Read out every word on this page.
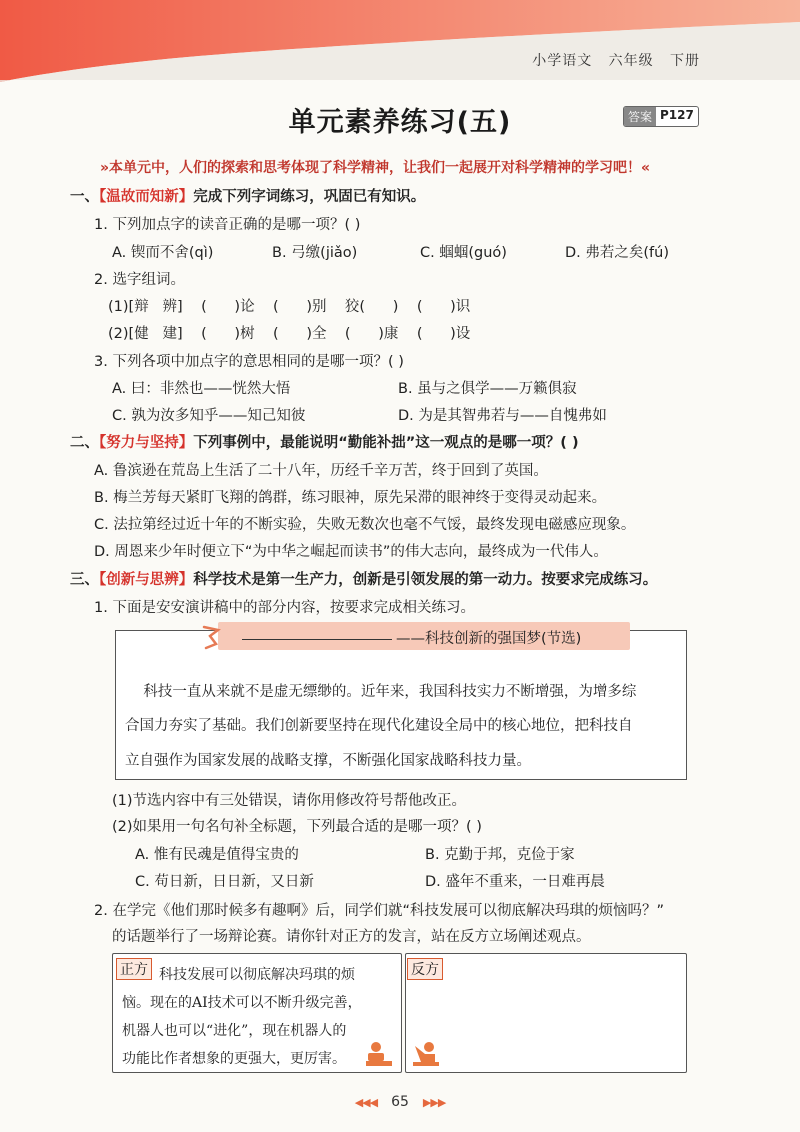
小学语文 六年级 下册
单元素养练习(五)	答案 P127
»本单元中，人们的探索和思考体现了科学精神，让我们一起展开对科学精神的学习吧！«
一、【温故而知新】完成下列字词练习，巩固已有知识。
1. 下列加点字的读音正确的是哪一项？( )
A. 锲而不舍(qì)	B. 弓缴(jiǎo)	C. 蝈蝈(guó)	D. 弗若之矣(fú)
2. 选字组词。
(1)[辩   辨]    (      )论    (      )别    狡(      )    (      )识
(2)[健   建]    (      )树    (      )全    (      )康    (      )设
3. 下列各项中加点字的意思相同的是哪一项？( )
A. 曰：非然也——恍然大悟	B. 虽与之俱学——万籁俱寂
C. 孰为汝多知乎——知己知彼	D. 为是其智弗若与——自愧弗如
二、【努力与坚持】下列事例中，最能说明“勤能补拙”这一观点的是哪一项？( )
A. 鲁滨逊在荒岛上生活了二十八年，历经千辛万苦，终于回到了英国。
B. 梅兰芳每天紧盯飞翔的鸽群，练习眼神，原先呆滞的眼神终于变得灵动起来。
C. 法拉第经过近十年的不断实验，失败无数次也毫不气馁，最终发现电磁感应现象。
D. 周恩来少年时便立下“为中华之崛起而读书”的伟大志向，最终成为一代伟人。
三、【创新与思辨】科学技术是第一生产力，创新是引领发展的第一动力。按要求完成练习。
1. 下面是安安演讲稿中的部分内容，按要求完成相关练习。
——科技创新的强国梦(节选)
科技一直从来就不是虚无缥缈的。近年来，我国科技实力不断增强，为增多综
合国力夯实了基础。我们创新要坚持在现代化建设全局中的核心地位，把科技自
立自强作为国家发展的战略支撑，不断强化国家战略科技力量。
(1)节选内容中有三处错误，请你用修改符号帮他改正。
(2)如果用一句名句补全标题，下列最合适的是哪一项？( )
A. 惟有民魂是值得宝贵的	B. 克勤于邦，克俭于家
C. 苟日新，日日新，又日新	D. 盛年不重来，一日难再晨
2. 在学完《他们那时候多有趣啊》后，同学们就“科技发展可以彻底解决玛琪的烦恼吗？”
的话题举行了一场辩论赛。请你针对正方的发言，站在反方立场阐述观点。
正方 科技发展可以彻底解决玛琪的烦
恼。现在的AI技术可以不断升级完善，
机器人也可以“进化”，现在机器人的
功能比作者想象的更强大，更厉害。
反方
◀◀◀ 65 ▶▶▶
